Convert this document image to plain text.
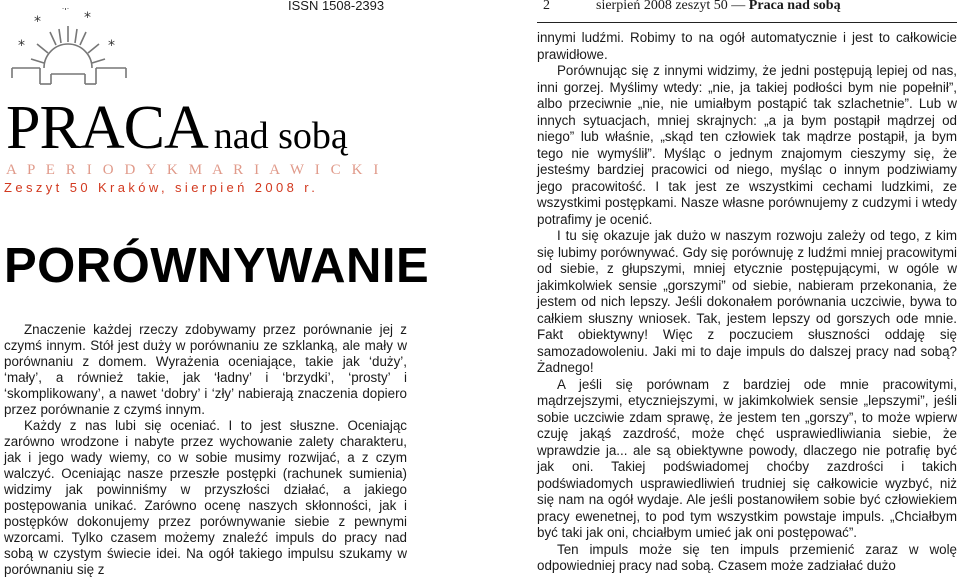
ISSN 1508-2393
*	*
*	*
*
PRACA nad sobą
A P E R I O D Y K M A R I A W I C K I
Zeszyt 50 Kraków, sierpień 2008 r.
PORÓWNYWANIE

Znaczenie każdej rzeczy zdobywamy przez porównanie jej z czymś innym. Stół jest duży w porównaniu ze szklanką, ale mały w porównaniu z domem. Wyrażenia oceniające, takie jak ‘duży’, ‘mały’, a również takie, jak ‘ładny’ i ‘brzydki’, ‘prosty’ i ‘skomplikowany’, a nawet ‘dobry’ i ‘zły’ nabierają znaczenia dopiero przez porównanie z czymś innym.

Każdy z nas lubi się oceniać. I to jest słuszne. Oceniając zarówno wrodzone i nabyte przez wychowanie zalety charakteru, jak i jego wady wiemy, co w sobie musimy rozwijać, a z czym walczyć. Oceniając nasze przeszłe postępki (rachunek sumienia) widzimy jak powinniśmy w przyszłości działać, a jakiego postępowania unikać. Zarówno ocenę naszych skłonności, jak i postępków dokonujemy przez porównywanie siebie z pewnymi wzorcami. Tylko czasem możemy znaleźć impuls do pracy nad sobą w czystym świecie idei. Na ogół takiego impulsu szukamy w porównaniu się z

2	sierpień 2008 zeszyt 50 — Praca nad sobą

innymi ludźmi. Robimy to na ogół automatycznie i jest to całkowicie prawidłowe.

Porównując się z innymi widzimy, że jedni postępują lepiej od nas, inni gorzej. Myślimy wtedy: „nie, ja takiej podłości bym nie popełnił”, albo przeciwnie „nie, nie umiałbym postąpić tak szlachetnie”. Lub w innych sytuacjach, mniej skrajnych: „a ja bym postąpił mądrzej od niego” lub właśnie, „skąd ten człowiek tak mądrze postąpił, ja bym tego nie wymyślił”. Myśląc o jednym znajomym cieszymy się, że jesteśmy bardziej pracowici od niego, myśląc o innym podziwiamy jego pracowitość. I tak jest ze wszystkimi cechami ludzkimi, ze wszystkimi postępkami. Nasze własne porównujemy z cudzymi i wtedy potrafimy je ocenić.

I tu się okazuje jak dużo w naszym rozwoju zależy od tego, z kim się lubimy porównywać. Gdy się porównuję z ludźmi mniej pracowitymi od siebie, z głupszymi, mniej etycznie postępującymi, w ogóle w jakimkolwiek sensie „gorszymi” od siebie, nabieram przekonania, że jestem od nich lepszy. Jeśli dokonałem porównania uczciwie, bywa to całkiem słuszny wniosek. Tak, jestem lepszy od gorszych ode mnie. Fakt obiektywny! Więc z poczuciem słuszności oddaję się samozadowoleniu. Jaki mi to daje impuls do dalszej pracy nad sobą? Żadnego!

A jeśli się porównam z bardziej ode mnie pracowitymi, mądrzejszymi, etyczniejszymi, w jakimkolwiek sensie „lepszymi”, jeśli sobie uczciwie zdam sprawę, że jestem ten „gorszy”, to może wpierw czuję jakąś zazdrość, może chęć usprawiedliwiania siebie, że wprawdzie ja... ale są obiektywne powody, dlaczego nie potrafię być jak oni. Takiej podświadomej choćby zazdrości i takich podświadomych usprawiedliwień trudniej się całkowicie wyzbyć, niż się nam na ogół wydaje. Ale jeśli postanowiłem sobie być człowiekiem pracy ewenetnej, to pod tym wszystkim powstaje impuls. „Chciałbym być taki jak oni, chciałbym umieć jak oni postępować”.

Ten impuls może się ten impuls przemienić zaraz w wolę odpowiedniej pracy nad sobą. Czasem może zadziałać dużo
